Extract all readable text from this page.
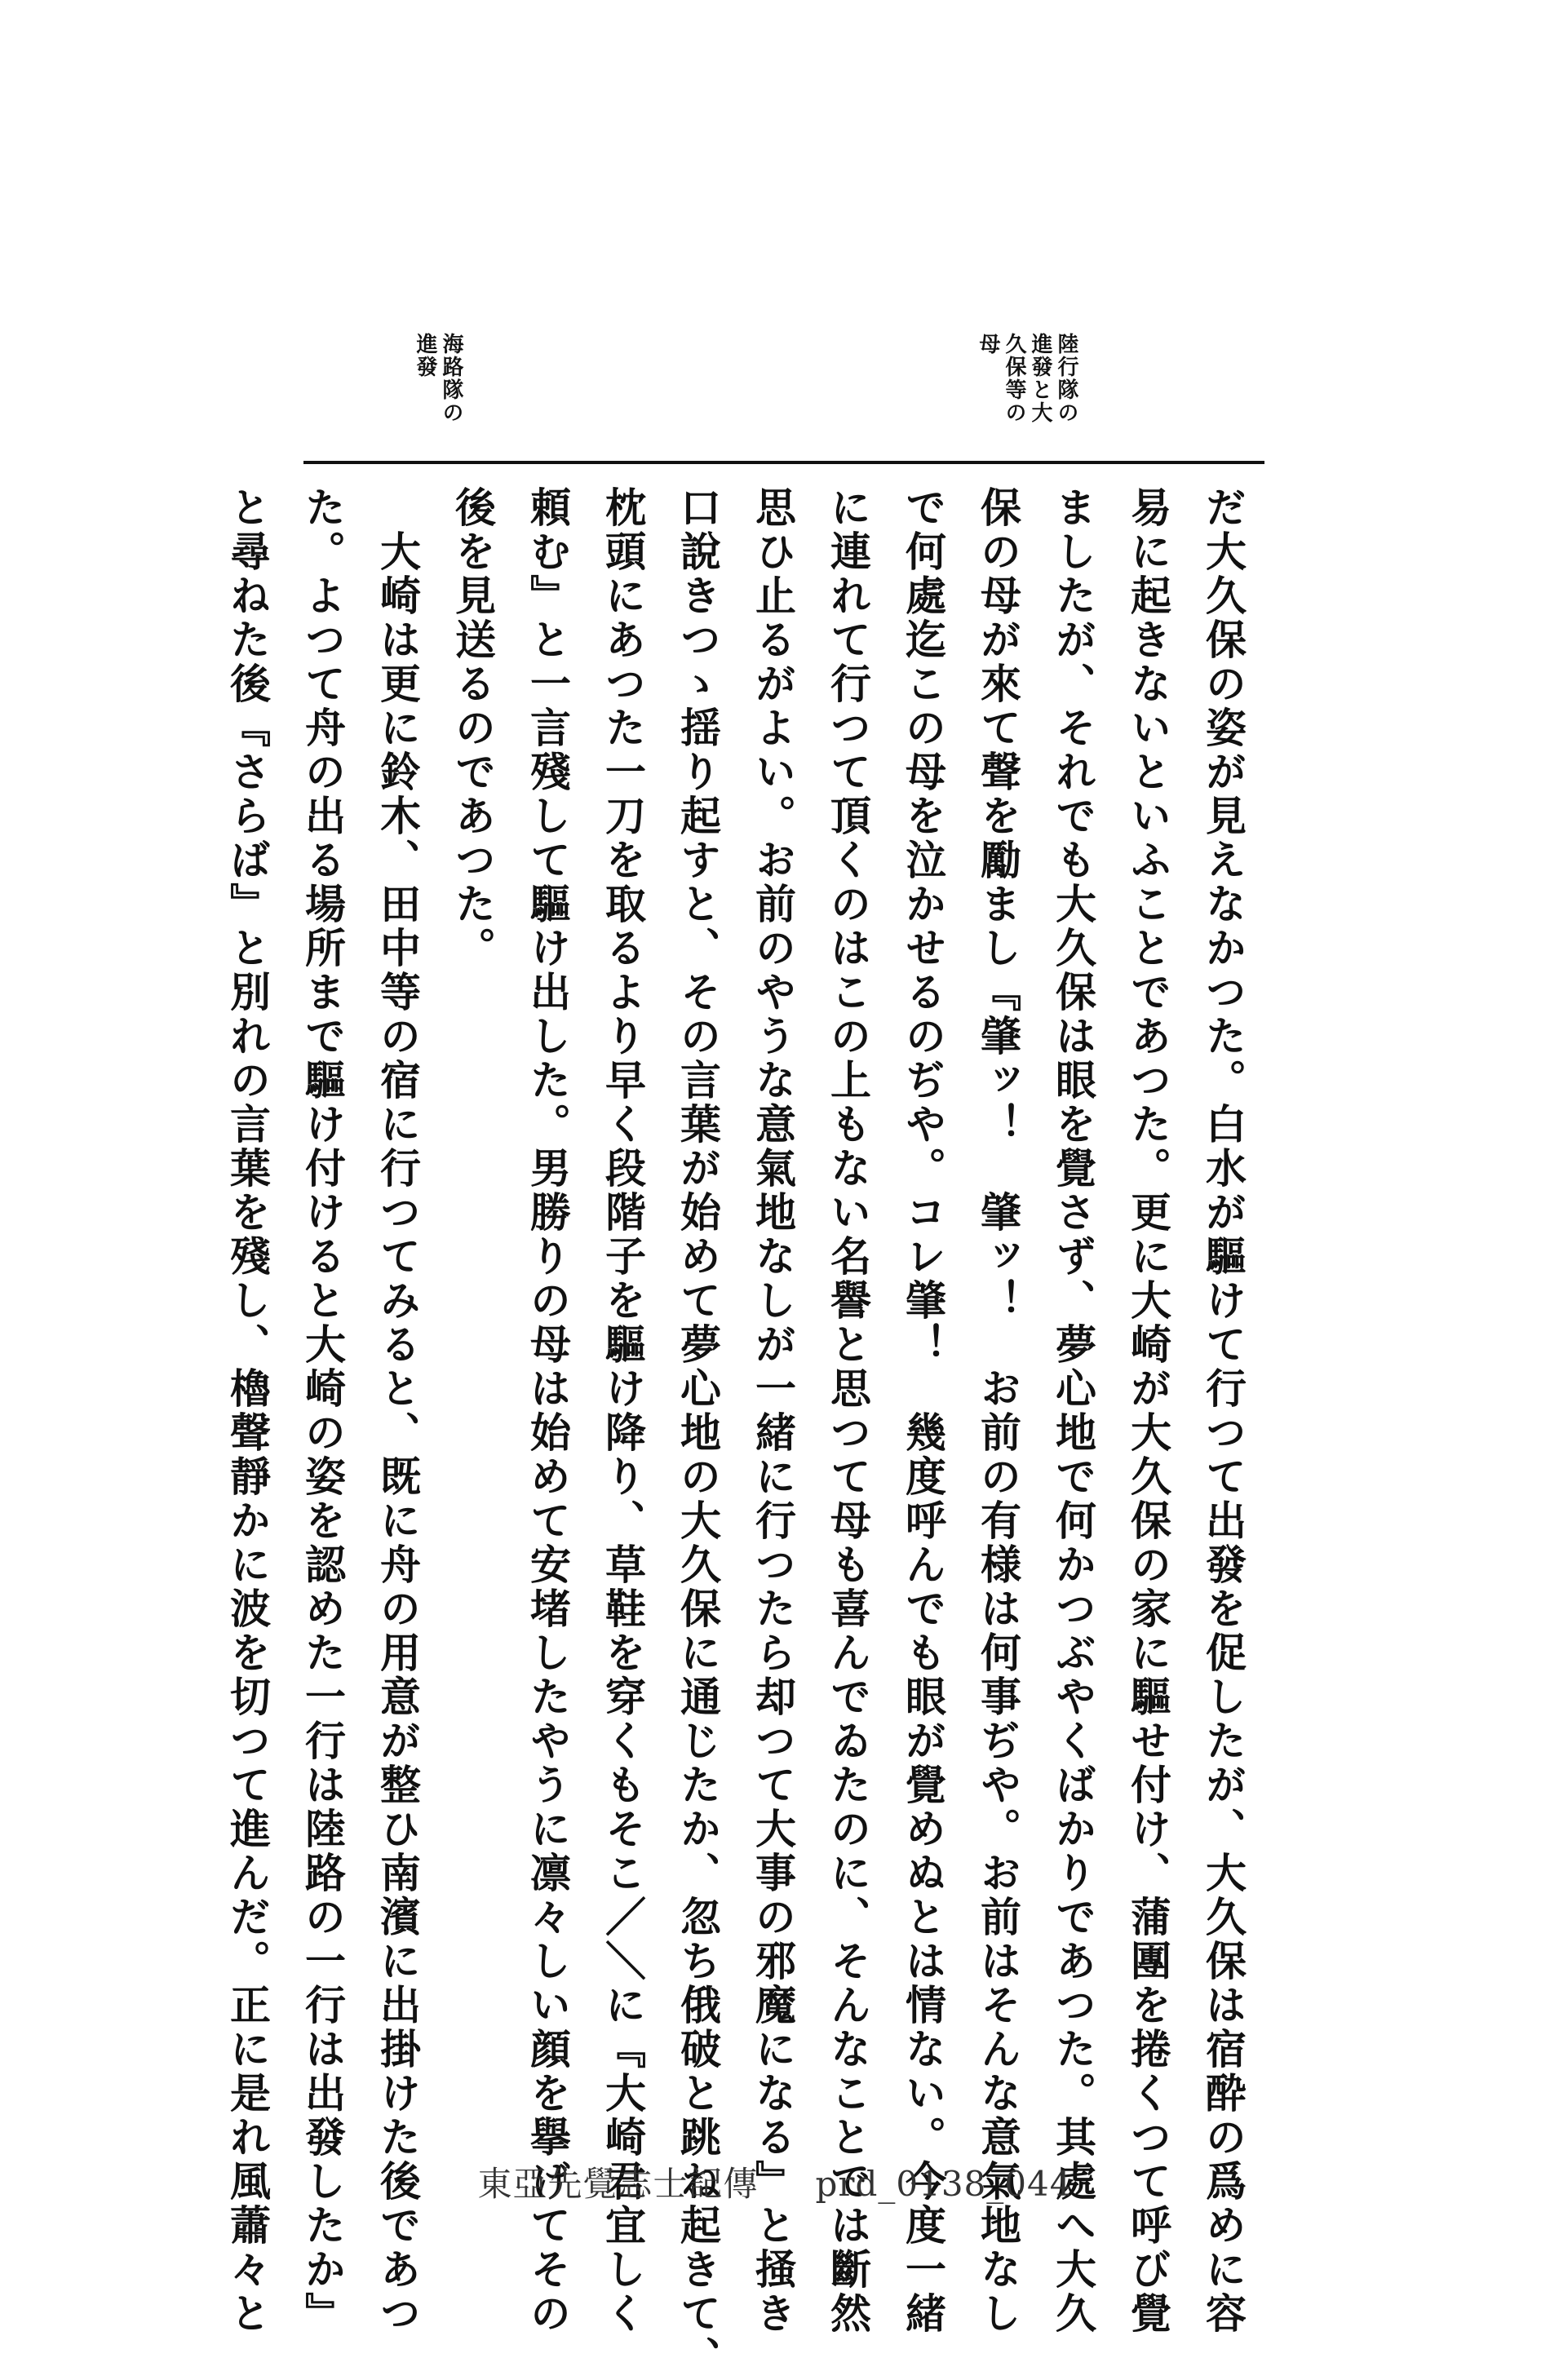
陸行隊の
進發と大
久保等の
母
海路隊の
進發
だ大久保の姿が見えなかつた。白水が驅けて行つて出發を促したが、大久保は宿酔の爲めに容
易に起きないといふことであつた。更に大崎が大久保の家に驅せ付け、蒲團を捲くつて呼び覺
ましたが、それでも大久保は眼を覺さず、夢心地で何かつぶやくばかりであつた。其處へ大久
保の母が來て聲を勵まし『肇ッ！　肇ッ！　お前の有様は何事ぢや。お前はそんな意氣地なし
で何處迄この母を泣かせるのぢや。コレ肇！　幾度呼んでも眼が覺めぬとは情ない。今度一緒
に連れて行つて頂くのはこの上もない名譽と思つて母も喜んでゐたのに、そんなことでは斷然
思ひ止るがよい。お前のやうな意氣地なしが一緒に行つたら却つて大事の邪魔になる』と掻き
口說きつゝ揺り起すと、その言葉が始めて夢心地の大久保に通じたか、忽ち俄破と跳ね起きて、
枕頭にあつた一刀を取るより早く段階子を驅け降り、草鞋を穿くもそこ／＼に『大崎君宜しく
頼む』と一言殘して驅け出した。男勝りの母は始めて安堵したやうに凛々しい顔を擧げてその
後を見送るのであつた。
　大崎は更に鈴木、田中等の宿に行つてみると、既に舟の用意が整ひ南濱に出掛けた後であつ
た。よつて舟の出る場所まで驅け付けると大崎の姿を認めた一行は陸路の一行は出發したか』
と尋ねた後『さらば』と別れの言葉を殘し、櫓聲靜かに波を切つて進んだ。正に是れ風蕭々と	東亞先覺志士記傳 prd_0138_044
